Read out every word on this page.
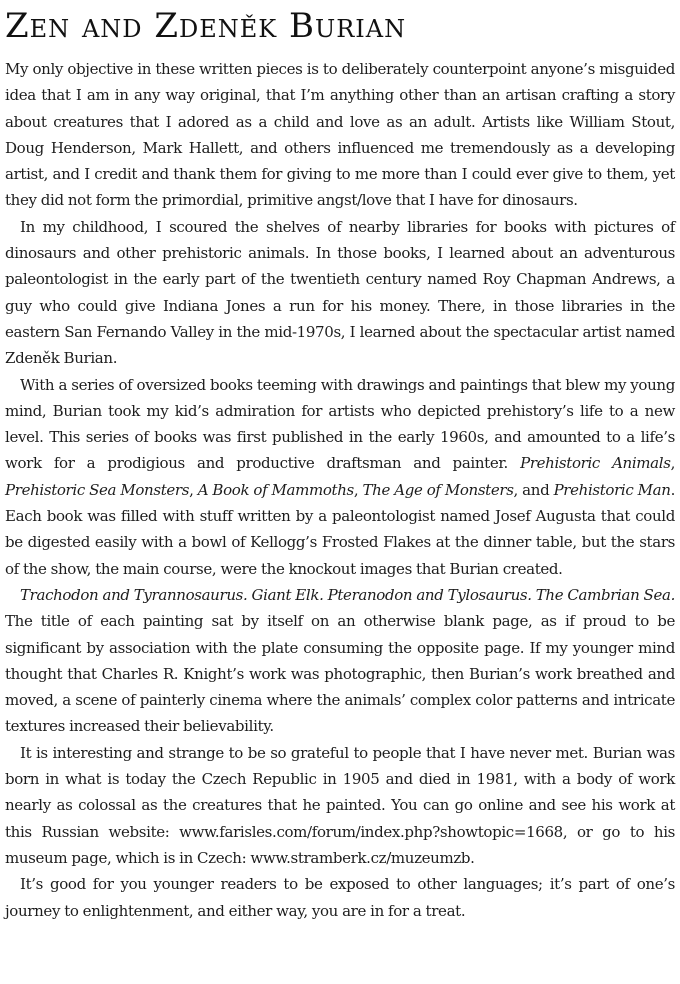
Zen and Zdeněk Burian

My only objective in these written pieces is to deliberately counterpoint anyone’s misguided idea that I am in any way original, that I’m anything other than an artisan crafting a story about creatures that I adored as a child and love as an adult. Artists like William Stout, Doug Henderson, Mark Hallett, and others influenced me tremendously as a developing artist, and I credit and thank them for giving to me more than I could ever give to them, yet they did not form the primordial, primitive angst/love that I have for dinosaurs.

In my childhood, I scoured the shelves of nearby libraries for books with pictures of dinosaurs and other prehistoric animals. In those books, I learned about an adventurous paleontologist in the early part of the twentieth century named Roy Chapman Andrews, a guy who could give Indiana Jones a run for his money. There, in those libraries in the eastern San Fernando Valley in the mid-1970s, I learned about the spectacular artist named Zdeněk Burian.

With a series of oversized books teeming with drawings and paintings that blew my young mind, Burian took my kid’s admiration for artists who depicted prehistory’s life to a new level. This series of books was first published in the early 1960s, and amounted to a life’s work for a prodigious and productive draftsman and painter. Prehistoric Animals, Prehistoric Sea Monsters, A Book of Mammoths, The Age of Monsters, and Prehistoric Man. Each book was filled with stuff written by a paleontologist named Josef Augusta that could be digested easily with a bowl of Kellogg’s Frosted Flakes at the dinner table, but the stars of the show, the main course, were the knockout images that Burian created.

Trachodon and Tyrannosaurus. Giant Elk. Pteranodon and Tylosaurus. The Cambrian Sea. The title of each painting sat by itself on an otherwise blank page, as if proud to be significant by association with the plate consuming the opposite page. If my younger mind thought that Charles R. Knight’s work was photographic, then Burian’s work breathed and moved, a scene of painterly cinema where the animals’ complex color patterns and intricate textures increased their believability.

It is interesting and strange to be so grateful to people that I have never met. Burian was born in what is today the Czech Republic in 1905 and died in 1981, with a body of work nearly as colossal as the creatures that he painted. You can go online and see his work at this Russian website: www.farisles.com/forum/index.php?showtopic=1668, or go to his museum page, which is in Czech: www.stramberk.cz/muzeumzb.

It’s good for you younger readers to be exposed to other languages; it’s part of one’s journey to enlightenment, and either way, you are in for a treat.
